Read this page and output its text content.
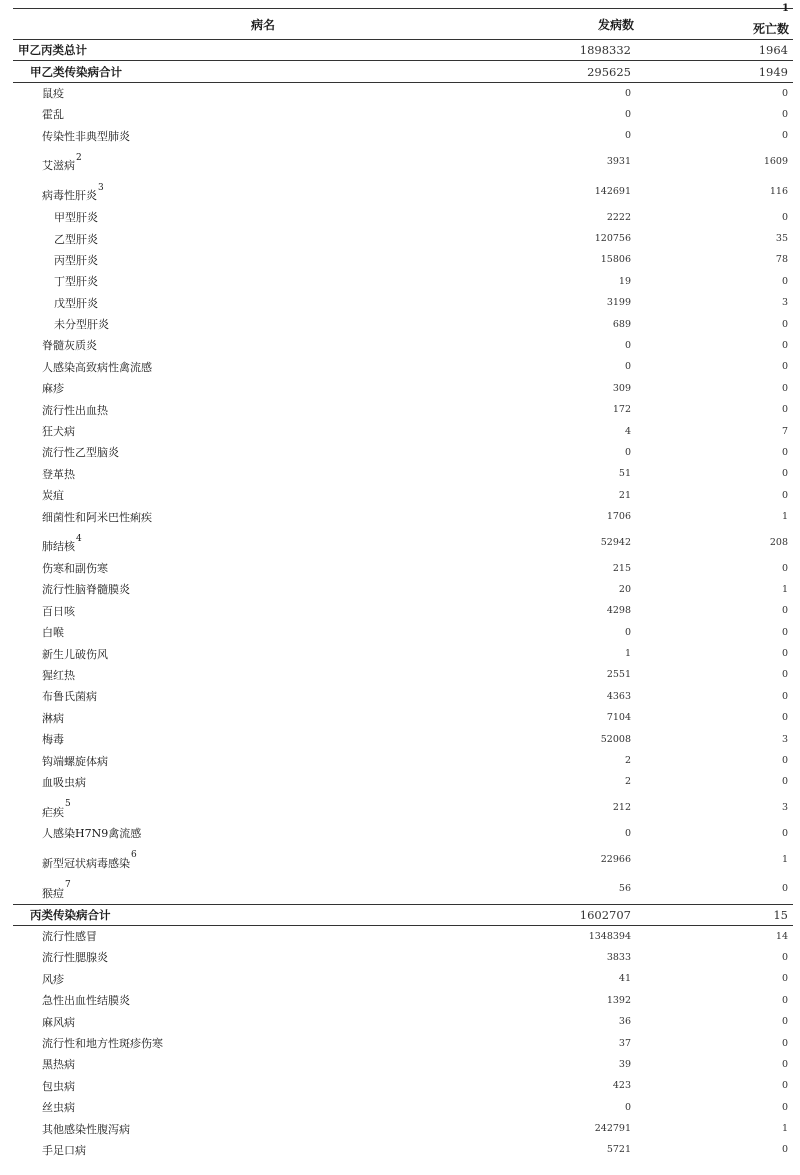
病名	发病数	死亡数
1

甲乙丙类总计	1898332	1964
甲乙类传染病合计	295625	1949
鼠疫	0	0
霍乱	0	0
传染性非典型肺炎	0	0
艾滋病$^2$	3931	1609
病毒性肝炎$^3$	142691	116
甲型肝炎	2222	0
乙型肝炎	120756	35
丙型肝炎	15806	78
丁型肝炎	19	0
戊型肝炎	3199	3
未分型肝炎	689	0
脊髓灰质炎	0	0
人感染高致病性禽流感	0	0
麻疹	309	0
流行性出血热	172	0
狂犬病	4	7
流行性乙型脑炎	0	0
登革热	51	0
炭疽	21	0
细菌性和阿米巴性痢疾	1706	1
肺结核$^4$	52942	208
伤寒和副伤寒	215	0
流行性脑脊髓膜炎	20	1
百日咳	4298	0
白喉	0	0
新生儿破伤风	1	0
猩红热	2551	0
布鲁氏菌病	4363	0
淋病	7104	0
梅毒	52008	3
钩端螺旋体病	2	0
血吸虫病	2	0
疟疾$^5$	212	3
人感染H7N9禽流感	0	0
新型冠状病毒感染$^6$	22966	1
猴痘$^7$	56	0
丙类传染病合计	1602707	15
流行性感冒	1348394	14
流行性腮腺炎	3833	0
风疹	41	0
急性出血性结膜炎	1392	0
麻风病	36	0
流行性和地方性斑疹伤寒	37	0
黑热病	39	0
包虫病	423	0
丝虫病	0	0
其他感染性腹泻病	242791	1
手足口病	5721	0
